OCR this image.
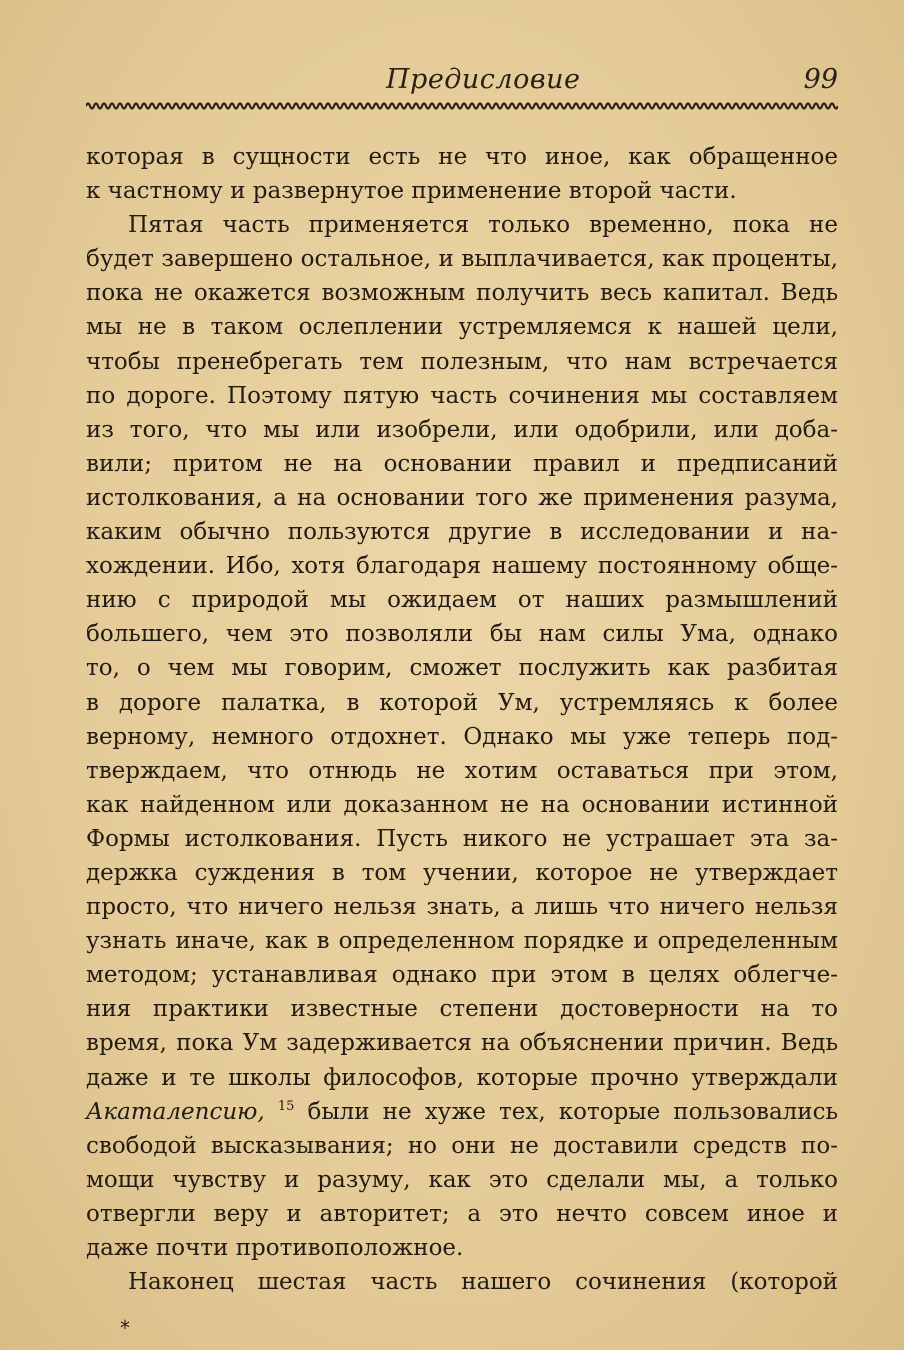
Предисловие	99

которая в сущности есть не что иное, как обращенное
к частному и развернутое применение второй части.

Пятая часть применяется только временно, пока не
будет завершено остальное, и выплачивается, как проценты,
пока не окажется возможным получить весь капитал. Ведь
мы не в таком ослеплении устремляемся к нашей цели,
чтобы пренебрегать тем полезным, что нам встречается
по дороге. Поэтому пятую часть сочинения мы составляем
из того, что мы или изобрели, или одобрили, или доба-
вили; притом не на основании правил и предписаний
истолкования, а на основании того же применения разума,
каким обычно пользуются другие в исследовании и на-
хождении. Ибо, хотя благодаря нашему постоянному обще-
нию с природой мы ожидаем от наших размышлений
большего, чем это позволяли бы нам силы Ума, однако
то, о чем мы говорим, сможет послужить как разбитая
в дороге палатка, в которой Ум, устремляясь к более
верному, немного отдохнет. Однако мы уже теперь под-
тверждаем, что отнюдь не хотим оставаться при этом,
как найденном или доказанном не на основании истинной
Формы истолкования. Пусть никого не устрашает эта за-
держка суждения в том учении, которое не утверждает
просто, что ничего нельзя знать, а лишь что ничего нельзя
узнать иначе, как в определенном порядке и определенным
методом; устанавливая однако при этом в целях облегче-
ния практики известные степени достоверности на то
время, пока Ум задерживается на объяснении причин. Ведь
даже и те школы философов, которые прочно утверждали
Акаталепсию, $^{15}$ были не хуже тех, которые пользовались
свободой высказывания; но они не доставили средств по-
мощи чувству и разуму, как это сделали мы, а только
отвергли веру и авторитет; а это нечто совсем иное и
даже почти противоположное.

Наконец шестая часть нашего сочинения (которой

*
